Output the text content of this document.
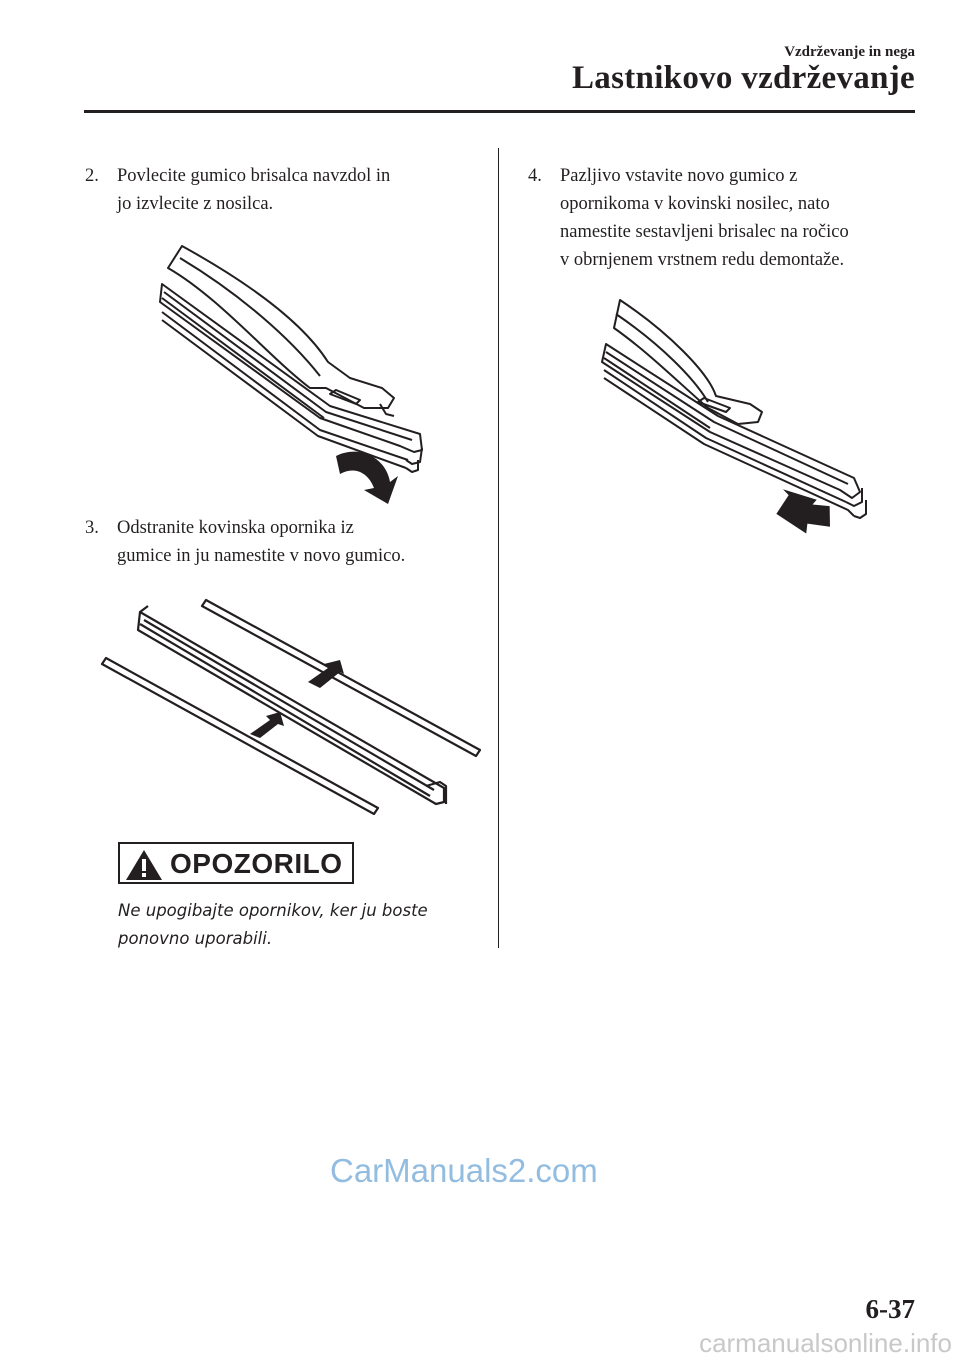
Vzdrževanje in nega
Lastnikovo vzdrževanje
2. Povlecite gumico brisalca navzdol in
jo izvlecite z nosilca.
3. Odstranite kovinska opornika iz
gumice in ju namestite v novo gumico.
OPOZORILO
Ne upogibajte opornikov, ker ju boste
ponovno uporabili.
4. Pazljivo vstavite novo gumico z
opornikoma v kovinski nosilec, nato
namestite sestavljeni brisalec na ročico
v obrnjenem vrstnem redu demontaže.
CarManuals2.com
6-37
carmanualsonline.info
